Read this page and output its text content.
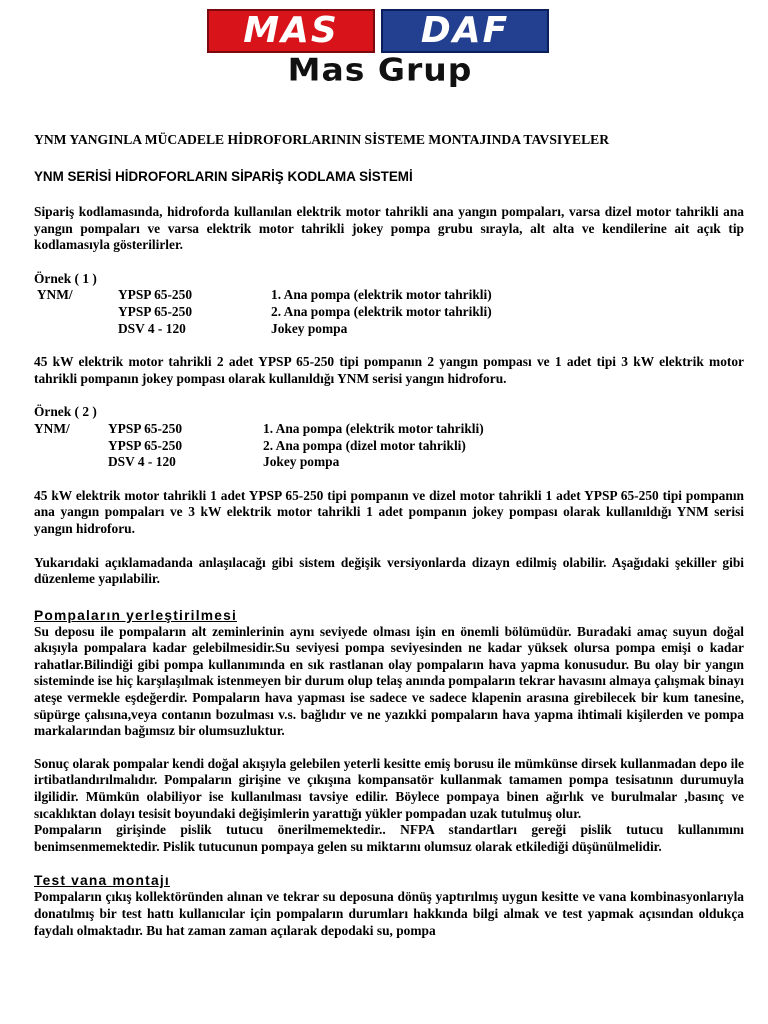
MAS DAF
Mas Grup

YNM YANGINLA MÜCADELE HİDROFORLARININ SİSTEME MONTAJINDA TAVSIYELER

YNM SERİSİ HİDROFORLARIN SİPARİŞ KODLAMA SİSTEMİ

Sipariş kodlamasında, hidroforda kullanılan elektrik motor tahrikli ana yangın pompaları, varsa dizel motor tahrikli ana yangın pompaları ve varsa elektrik motor tahrikli jokey pompa grubu sırayla, alt alta ve kendilerine ait açık tip kodlamasıyla gösterilirler.

Örnek ( 1 )

YNM/	YPSP 65-250	1. Ana pompa (elektrik motor tahrikli)
YPSP 65-250	2. Ana pompa (elektrik motor tahrikli)
DSV 4 - 120	Jokey pompa

45 kW elektrik motor tahrikli 2 adet YPSP 65-250 tipi pompanın 2 yangın pompası ve 1 adet tipi 3 kW elektrik motor tahrikli pompanın jokey pompası olarak kullanıldığı YNM serisi yangın hidroforu.

Örnek ( 2 )

YNM/	YPSP 65-250	1. Ana pompa (elektrik motor tahrikli)
YPSP 65-250	2. Ana pompa (dizel motor tahrikli)
DSV 4 - 120	Jokey pompa

45 kW elektrik motor tahrikli 1 adet YPSP 65-250 tipi pompanın ve dizel motor tahrikli 1 adet YPSP 65-250 tipi pompanın ana yangın pompaları ve 3 kW elektrik motor tahrikli 1 adet pompanın jokey pompası olarak kullanıldığı YNM serisi yangın hidroforu.

Yukarıdaki açıklamadanda anlaşılacağı gibi sistem değişik versiyonlarda dizayn edilmiş olabilir. Aşağıdaki şekiller gibi düzenleme yapılabilir.

Pompaların yerleştirilmesi

Su deposu ile pompaların alt zeminlerinin aynı seviyede olması işin en önemli bölümüdür. Buradaki amaç suyun doğal akışıyla pompalara kadar gelebilmesidir.Su seviyesi pompa seviyesinden ne kadar yüksek olursa pompa emişi o kadar rahatlar.Bilindiği gibi pompa kullanımında en sık rastlanan olay pompaların hava yapma konusudur. Bu olay bir yangın sisteminde ise hiç karşılaşılmak istenmeyen bir durum olup telaş anında pompaların tekrar havasını almaya çalışmak binayı ateşe vermekle eşdeğerdir. Pompaların hava yapması ise sadece ve sadece klapenin arasına girebilecek bir kum tanesine, süpürge çalısına,veya contanın bozulması v.s. bağlıdır ve ne yazıkki pompaların hava yapma ihtimali kişilerden ve pompa markalarından bağımsız bir olumsuzluktur.

Sonuç olarak pompalar kendi doğal akışıyla gelebilen yeterli kesitte emiş borusu ile mümkünse dirsek kullanmadan depo ile irtibatlandırılmalıdır. Pompaların girişine ve çıkışına kompansatör kullanmak tamamen pompa tesisatının durumuyla ilgilidir. Mümkün olabiliyor ise kullanılması tavsiye edilir. Böylece pompaya binen ağırlık ve burulmalar ,basınç ve sıcaklıktan dolayı tesisit boyundaki değişimlerin yarattığı yükler pompadan uzak tutulmuş olur.

Pompaların girişinde pislik tutucu önerilmemektedir.. NFPA standartları gereği pislik tutucu kullanımını benimsenmemektedir. Pislik tutucunun pompaya gelen su miktarını olumsuz olarak etkilediği düşünülmelidir.

Test vana montajı

Pompaların çıkış kollektöründen alınan ve tekrar su deposuna dönüş yaptırılmış uygun kesitte ve vana kombinasyonlarıyla donatılmış bir test hattı kullanıcılar için pompaların durumları hakkında bilgi almak ve test yapmak açısından oldukça faydalı olmaktadır. Bu hat zaman zaman açılarak depodaki su, pompa
